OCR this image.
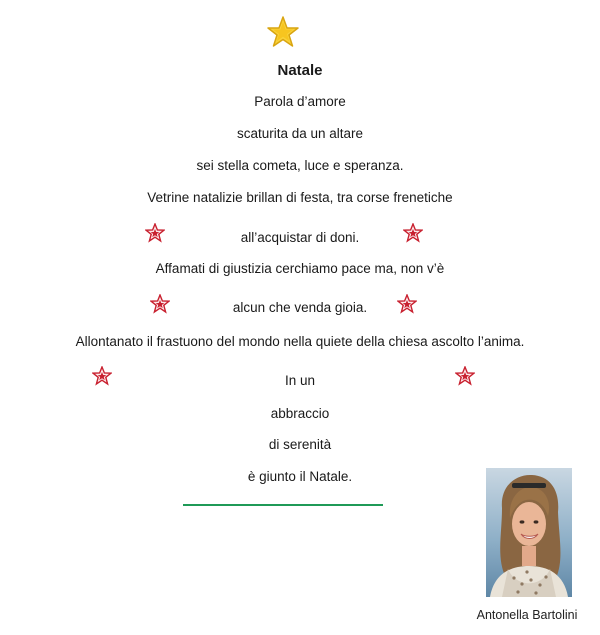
Natale
Parola d’amore
scaturita da un altare
sei stella cometa, luce e speranza.
Vetrine natalizie brillan di festa, tra corse frenetiche
all’acquistar di doni.
Affamati di giustizia cerchiamo pace ma, non v’è
alcun che venda gioia.
Allontanato il frastuono del mondo nella quiete della chiesa ascolto l’anima.
In un
abbraccio
di serenità
è giunto il Natale.
Antonella Bartolini
